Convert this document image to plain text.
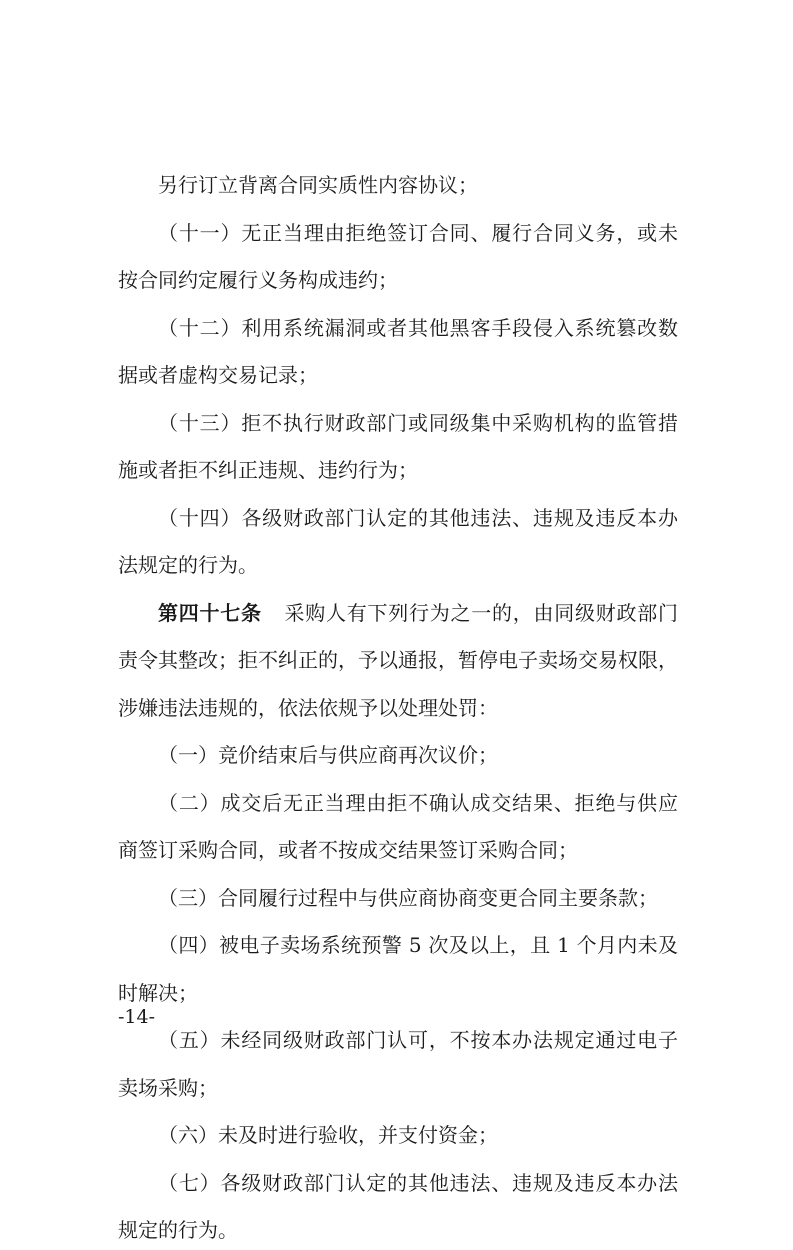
另行订立背离合同实质性内容协议；
（十一）无正当理由拒绝签订合同、履行合同义务，或未
按合同约定履行义务构成违约；
（十二）利用系统漏洞或者其他黑客手段侵入系统篡改数
据或者虚构交易记录；
（十三）拒不执行财政部门或同级集中采购机构的监管措
施或者拒不纠正违规、违约行为；
（十四）各级财政部门认定的其他违法、违规及违反本办
法规定的行为。
第四十七条 采购人有下列行为之一的，由同级财政部门
责令其整改；拒不纠正的，予以通报，暂停电子卖场交易权限，
涉嫌违法违规的，依法依规予以处理处罚：
（一）竞价结束后与供应商再次议价；
（二）成交后无正当理由拒不确认成交结果、拒绝与供应
商签订采购合同，或者不按成交结果签订采购合同；
（三）合同履行过程中与供应商协商变更合同主要条款；
（四）被电子卖场系统预警 5 次及以上，且 1 个月内未及
时解决；
（五）未经同级财政部门认可，不按本办法规定通过电子
卖场采购；
（六）未及时进行验收，并支付资金；
（七）各级财政部门认定的其他违法、违规及违反本办法
规定的行为。
-14-
